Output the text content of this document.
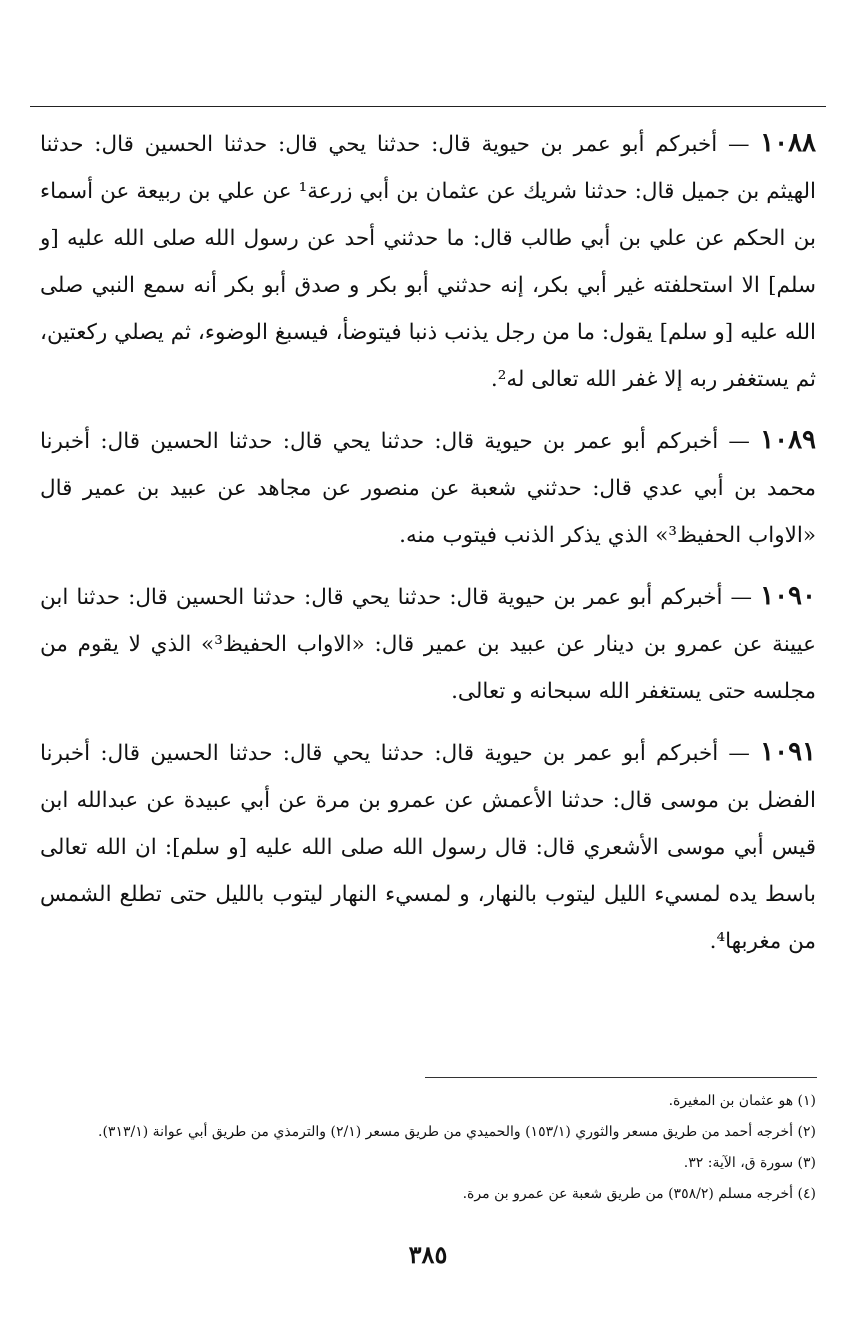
١٠٨٨ — أخبركم أبو عمر بن حيوية قال: حدثنا يحي قال: حدثنا الحسين قال: حدثنا الهيثم بن جميل قال: حدثنا شريك عن عثمان بن أبي زرعة¹ عن علي بن ربيعة عن أسماء بن الحكم عن علي بن أبي طالب قال: ما حدثني أحد عن رسول الله صلى الله عليه [و سلم] الا استحلفته غير أبي بكر، إنه حدثني أبو بكر و صدق أبو بكر أنه سمع النبي صلى الله عليه [و سلم] يقول: ما من رجل يذنب ذنبا فيتوضأ، فيسبغ الوضوء، ثم يصلي ركعتين، ثم يستغفر ربه إلا غفر الله تعالى له².

١٠٨٩ — أخبركم أبو عمر بن حيوية قال: حدثنا يحي قال: حدثنا الحسين قال: أخبرنا محمد بن أبي عدي قال: حدثني شعبة عن منصور عن مجاهد عن عبيد بن عمير قال «الاواب الحفيظ³» الذي يذكر الذنب فيتوب منه.

١٠٩٠ — أخبركم أبو عمر بن حيوية قال: حدثنا يحي قال: حدثنا الحسين قال: حدثنا ابن عيينة عن عمرو بن دينار عن عبيد بن عمير قال: «الاواب الحفيظ³» الذي لا يقوم من مجلسه حتى يستغفر الله سبحانه و تعالى.

١٠٩١ — أخبركم أبو عمر بن حيوية قال: حدثنا يحي قال: حدثنا الحسين قال: أخبرنا الفضل بن موسى قال: حدثنا الأعمش عن عمرو بن مرة عن أبي عبيدة عن عبدالله ابن قيس أبي موسى الأشعري قال: قال رسول الله صلى الله عليه [و سلم]: ان الله تعالى باسط يده لمسيء الليل ليتوب بالنهار، و لمسيء النهار ليتوب بالليل حتى تطلع الشمس من مغربها⁴.

(١) هو عثمان بن المغيرة.
(٢) أخرجه أحمد من طريق مسعر والثوري (١٥٣/١) والحميدي من طريق مسعر (٢/١) والترمذي من طريق أبي عوانة (٣١٣/١).
(٣) سورة ق، الآية: ٣٢.
(٤) أخرجه مسلم (٣٥٨/٢) من طريق شعبة عن عمرو بن مرة.
٣٨٥
